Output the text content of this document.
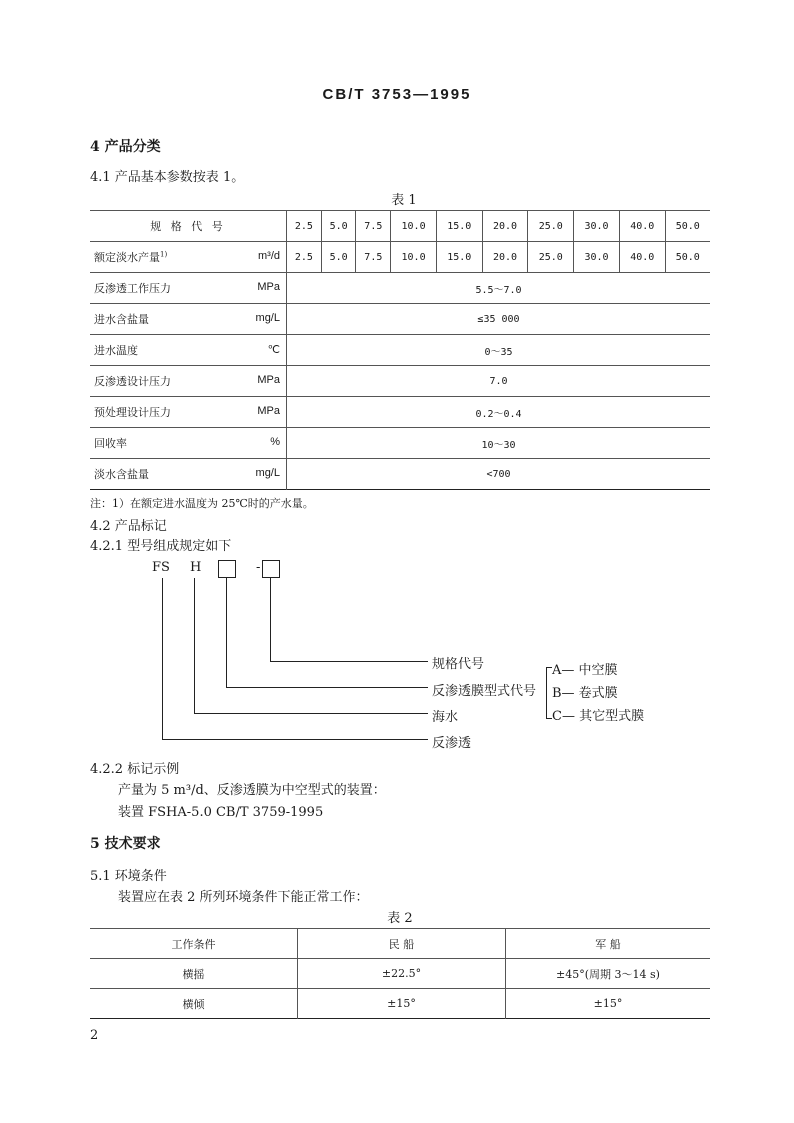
CB/T 3753—1995
4 产品分类
4.1 产品基本参数按表 1。
表 1
规 格 代 号	2.5	5.0	7.5	10.0	15.0	20.0	25.0	30.0	40.0	50.0
额定淡水产量$^{1)}$ m³/d	2.5	5.0	7.5	10.0	15.0	20.0	25.0	30.0	40.0	50.0
反渗透工作压力 MPa	5.5～7.0									
进水含盐量 mg/L	≤35 000									
进水温度 ℃	0～35									
反渗透设计压力 MPa	7.0									
预处理设计压力 MPa	0.2～0.4									
回收率 %	10～30									
淡水含盐量 mg/L	<700									
注：1）在额定进水温度为 25℃时的产水量。
4.2 产品标记
4.2.1 型号组成规定如下
FS H	-
规格代号
反渗透膜型式代号
海水
反渗透
A— 中空膜
B— 卷式膜
C— 其它型式膜
4.2.2 标记示例
产量为 5 m³/d、反渗透膜为中空型式的装置：
装置 FSHA-5.0 CB/T 3759-1995
5 技术要求
5.1 环境条件
装置应在表 2 所列环境条件下能正常工作：
表 2
工作条件	民 船	军 船
横摇	±22.5°	±45°(周期 3～14 s)
横倾	±15°	±15°
2
